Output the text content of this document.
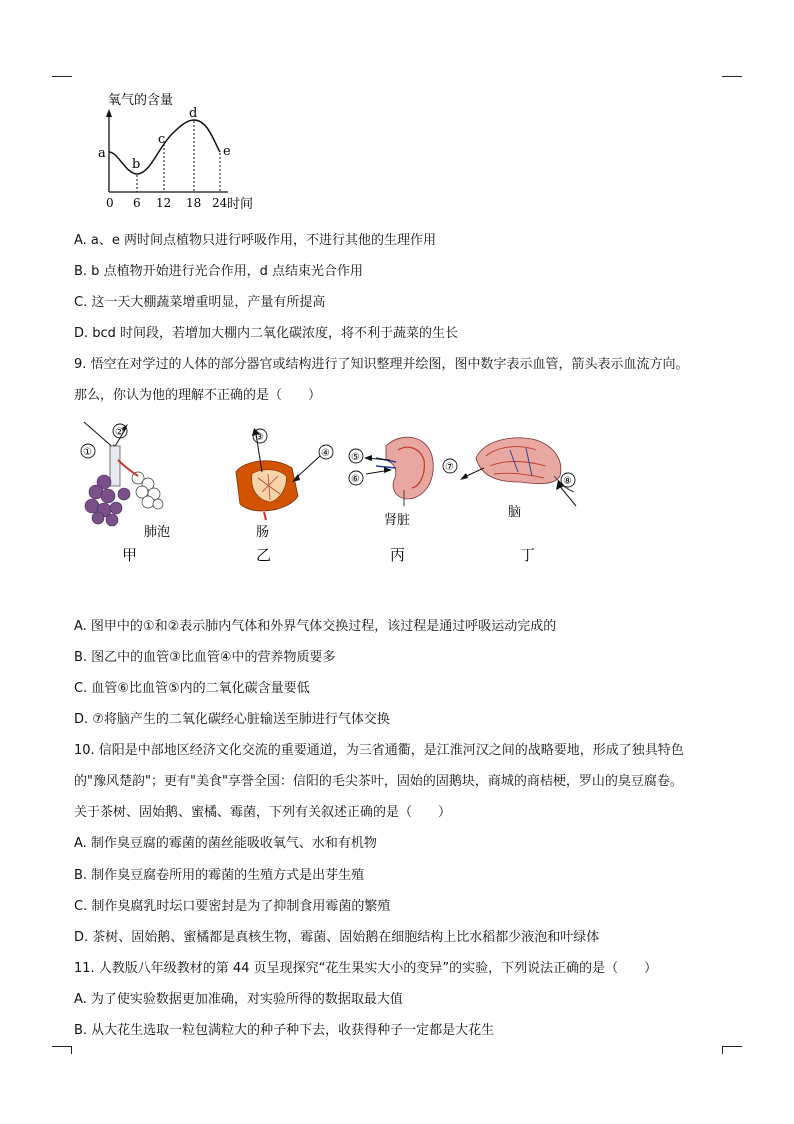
氧气的含量
a
b
c
d
e
0 6 12 18 24 时间
A. a、e 两时间点植物只进行呼吸作用，不进行其他的生理作用
B. b 点植物开始进行光合作用，d 点结束光合作用
C. 这一天大棚蔬菜增重明显，产量有所提高
D. bcd 时间段，若增加大棚内二氧化碳浓度，将不利于蔬菜的生长
9. 悟空在对学过的人体的部分器官或结构进行了知识整理并绘图，图中数字表示血管，箭头表示血流方向。
那么，你认为他的理解不正确的是（　　）
①
②
肺泡
甲
③
④
肠
乙
⑤
⑥
肾脏
丙
⑦
⑧
脑
丁
A. 图甲中的①和②表示肺内气体和外界气体交换过程，该过程是通过呼吸运动完成的
B. 图乙中的血管③比血管④中的营养物质要多
C. 血管⑥比血管⑤内的二氧化碳含量要低
D. ⑦将脑产生的二氧化碳经心脏输送至肺进行气体交换
10. 信阳是中部地区经济文化交流的重要通道，为三省通衢，是江淮河汉之间的战略要地，形成了独具特色
的"豫风楚韵"；更有"美食"享誉全国：信阳的毛尖茶叶，固始的固鹅块，商城的商桔梗，罗山的臭豆腐卷。
关于茶树、固始鹅、蜜橘、霉菌，下列有关叙述正确的是（　　）
A. 制作臭豆腐的霉菌的菌丝能吸收氧气、水和有机物
B. 制作臭豆腐卷所用的霉菌的生殖方式是出芽生殖
C. 制作臭腐乳时坛口要密封是为了抑制食用霉菌的繁殖
D. 茶树、固始鹅、蜜橘都是真核生物，霉菌、固始鹅在细胞结构上比水稻都少液泡和叶绿体
11. 人教版八年级教材的第 44 页呈现探究“花生果实大小的变异”的实验，下列说法正确的是（　　）
A. 为了使实验数据更加准确，对实验所得的数据取最大值
B. 从大花生选取一粒包满粒大的种子种下去，收获得种子一定都是大花生
